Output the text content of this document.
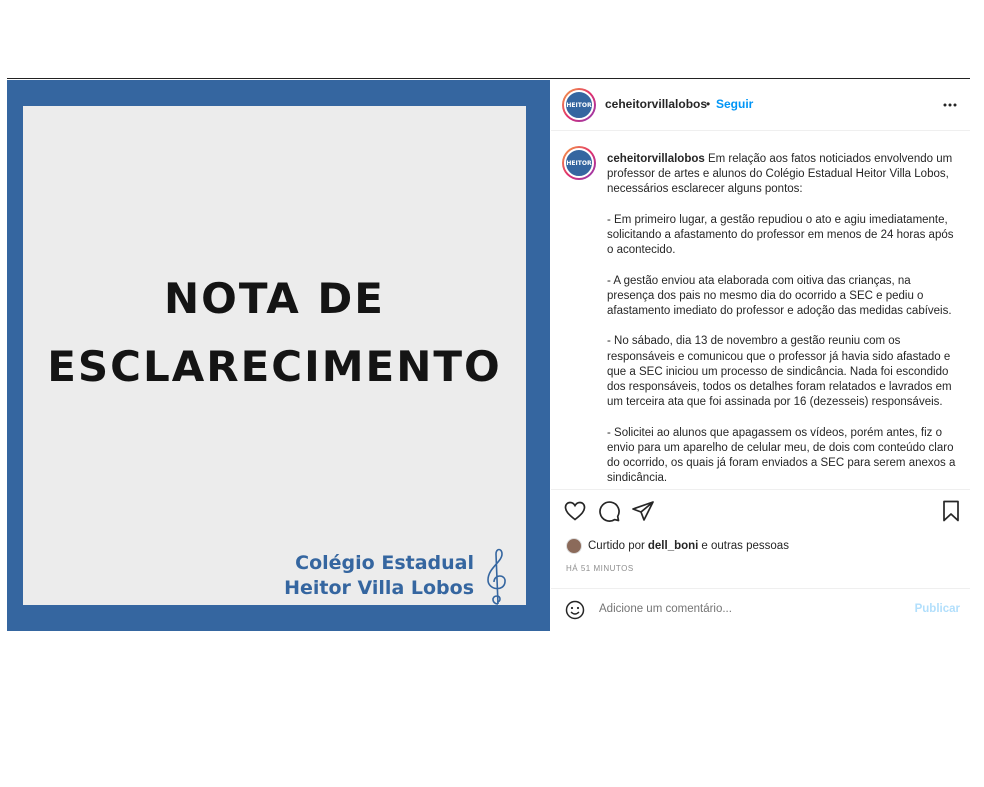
NOTA DE
ESCLARECIMENTO
Colégio Estadual
Heitor Villa Lobos
HEITOR ceheitorvillalobos
• Seguir
HEITOR ceheitorvillalobos Em relação aos fatos noticiados envolvendo um professor de artes e alunos do Colégio Estadual Heitor Villa Lobos, necessários esclarecer alguns pontos:

- Em primeiro lugar, a gestão repudiou o ato e agiu imediatamente, solicitando a afastamento do professor em menos de 24 horas após o acontecido.

- A gestão enviou ata elaborada com oitiva das crianças, na presença dos pais no mesmo dia do ocorrido a SEC e pediu o afastamento imediato do professor e adoção das medidas cabíveis.

- No sábado, dia 13 de novembro a gestão reuniu com os responsáveis e comunicou que o professor já havia sido afastado e que a SEC iniciou um processo de sindicância. Nada foi escondido dos responsáveis, todos os detalhes foram relatados e lavrados em um terceira ata que foi assinada por 16 (dezesseis) responsáveis.

- Solicitei ao alunos que apagassem os vídeos, porém antes, fiz o envio para um aparelho de celular meu, de dois com conteúdo claro do ocorrido, os quais já foram enviados a SEC para serem anexos a sindicância.

Curtido por dell_boni e outras pessoas
HÁ 51 MINUTOS
Adicione um comentário...
Publicar
